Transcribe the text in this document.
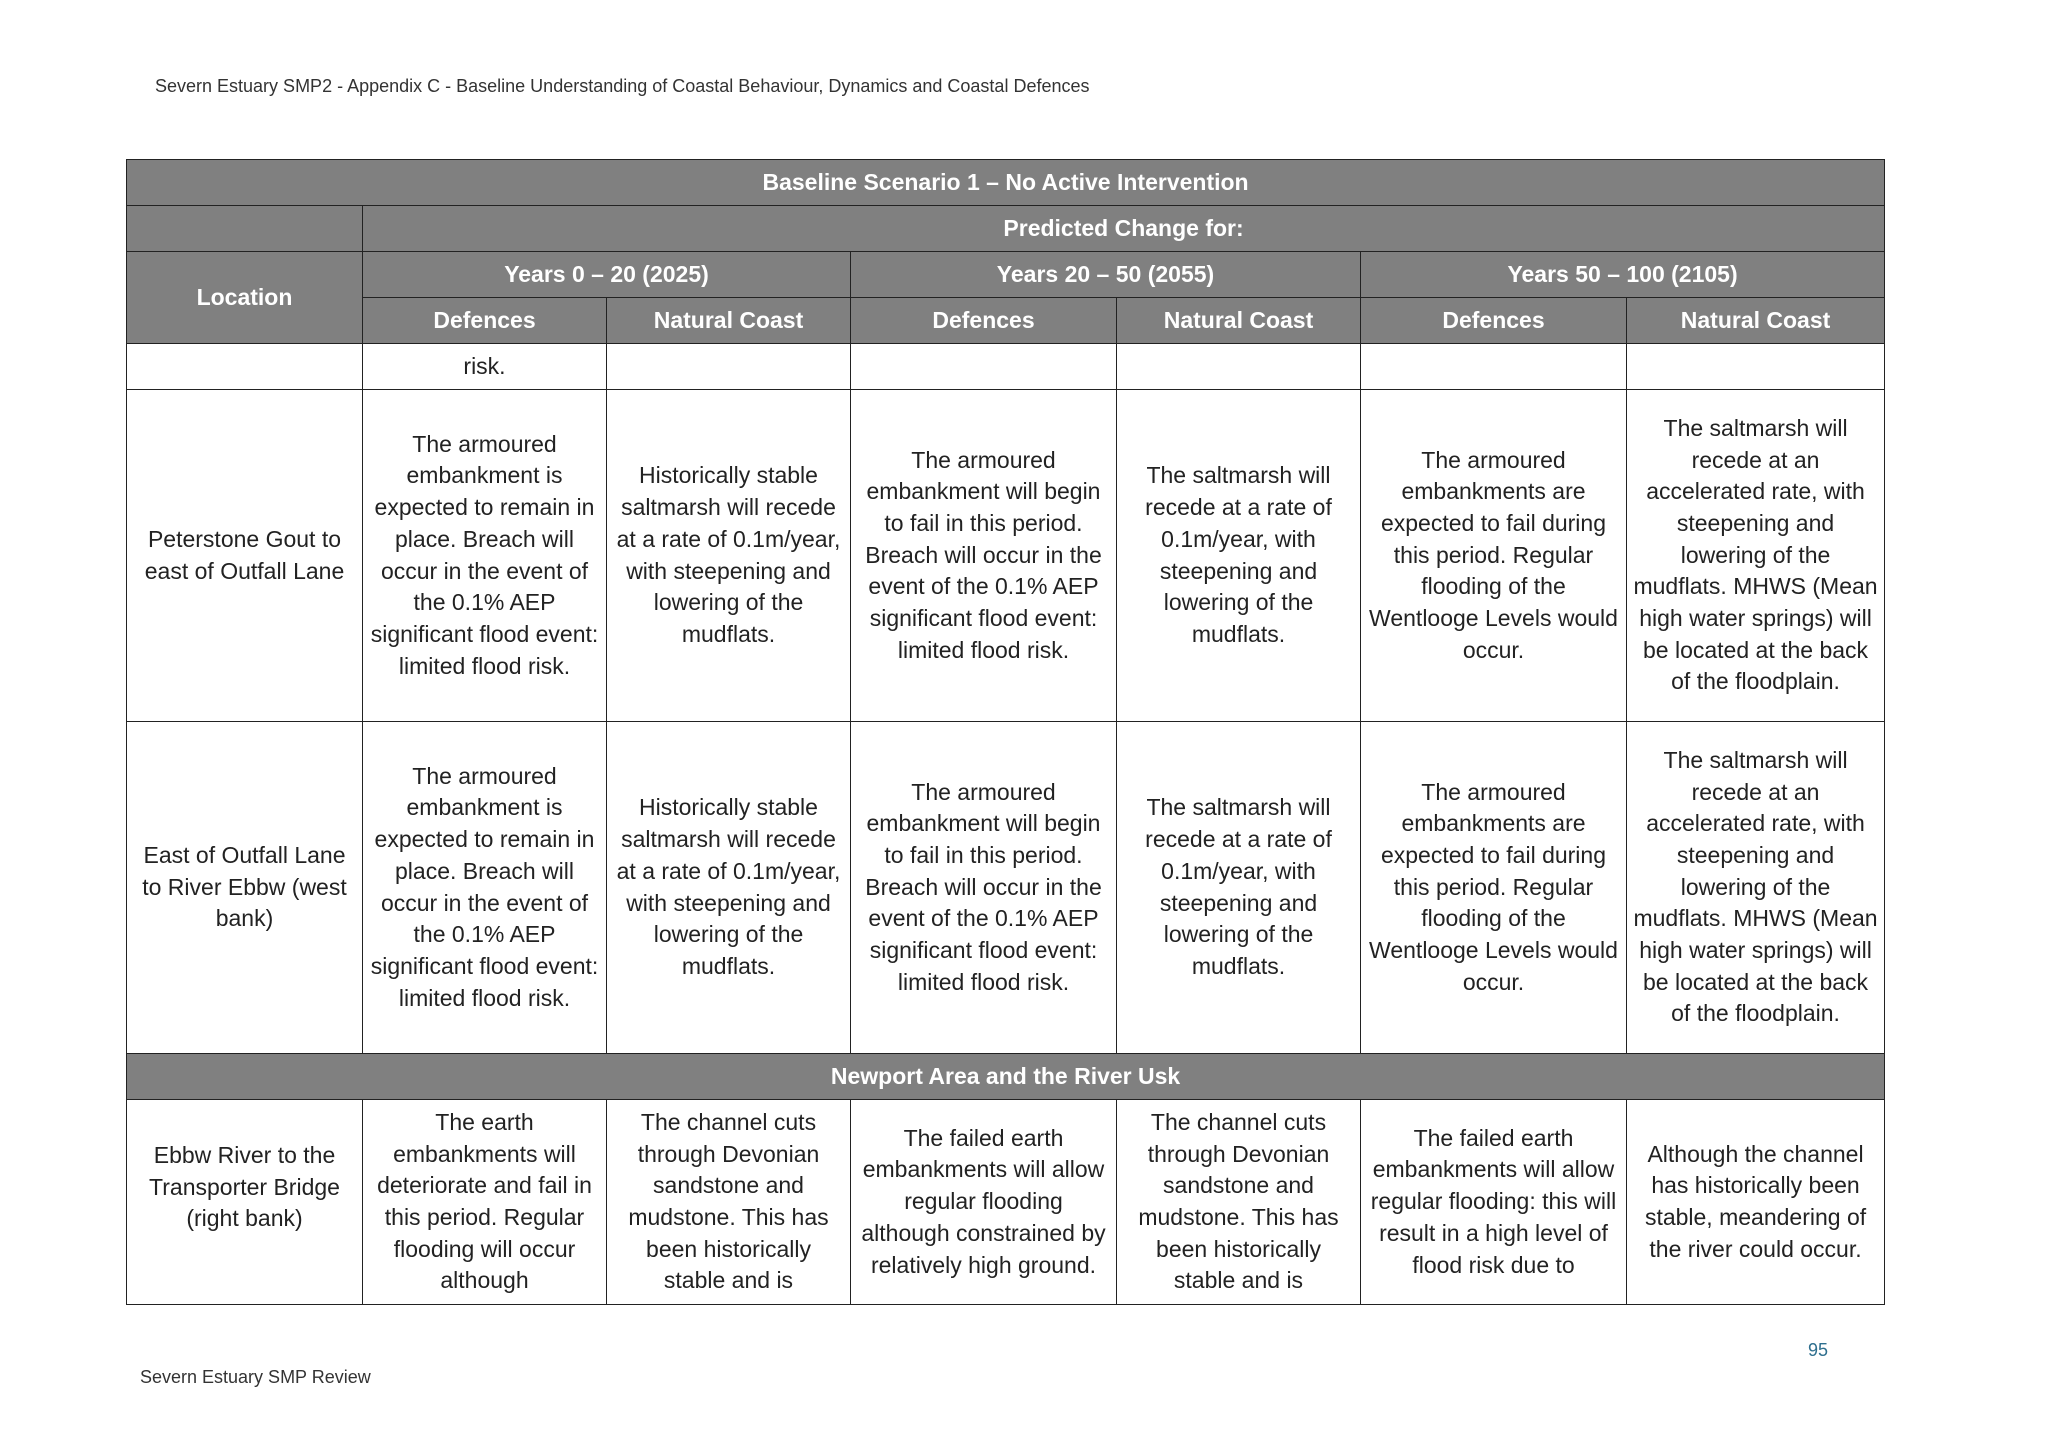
Severn Estuary SMP2 - Appendix C - Baseline Understanding of Coastal Behaviour, Dynamics and Coastal Defences
Baseline Scenario 1 – No Active Intervention						
	Predicted Change for:					
Location	Years 0 – 20 (2025)		Years 20 – 50 (2055)		Years 50 – 100 (2105)	
	Defences	Natural Coast	Defences	Natural Coast	Defences	Natural Coast
	risk.					
Peterstone Gout to east of Outfall Lane	The armoured embankment is expected to remain in place. Breach will occur in the event of the 0.1% AEP significant flood event: limited flood risk.	Historically stable saltmarsh will recede at a rate of 0.1m/year, with steepening and lowering of the mudflats.	The armoured embankment will begin to fail in this period. Breach will occur in the event of the 0.1% AEP significant flood event: limited flood risk.	The saltmarsh will recede at a rate of 0.1m/year, with steepening and lowering of the mudflats.	The armoured embankments are expected to fail during this period. Regular flooding of the Wentlooge Levels would occur.	The saltmarsh will recede at an accelerated rate, with steepening and lowering of the mudflats. MHWS (Mean high water springs) will be located at the back of the floodplain.
East of Outfall Lane to River Ebbw (west bank)	The armoured embankment is expected to remain in place. Breach will occur in the event of the 0.1% AEP significant flood event: limited flood risk.	Historically stable saltmarsh will recede at a rate of 0.1m/year, with steepening and lowering of the mudflats.	The armoured embankment will begin to fail in this period. Breach will occur in the event of the 0.1% AEP significant flood event: limited flood risk.	The saltmarsh will recede at a rate of 0.1m/year, with steepening and lowering of the mudflats.	The armoured embankments are expected to fail during this period. Regular flooding of the Wentlooge Levels would occur.	The saltmarsh will recede at an accelerated rate, with steepening and lowering of the mudflats. MHWS (Mean high water springs) will be located at the back of the floodplain.
Newport Area and the River Usk						
Ebbw River to the Transporter Bridge (right bank)	The earth embankments will deteriorate and fail in this period. Regular flooding will occur although	The channel cuts through Devonian sandstone and mudstone. This has been historically stable and is	The failed earth embankments will allow regular flooding although constrained by relatively high ground.	The channel cuts through Devonian sandstone and mudstone. This has been historically stable and is	The failed earth embankments will allow regular flooding: this will result in a high level of flood risk due to	Although the channel has historically been stable, meandering of the river could occur.
95
Severn Estuary SMP Review
